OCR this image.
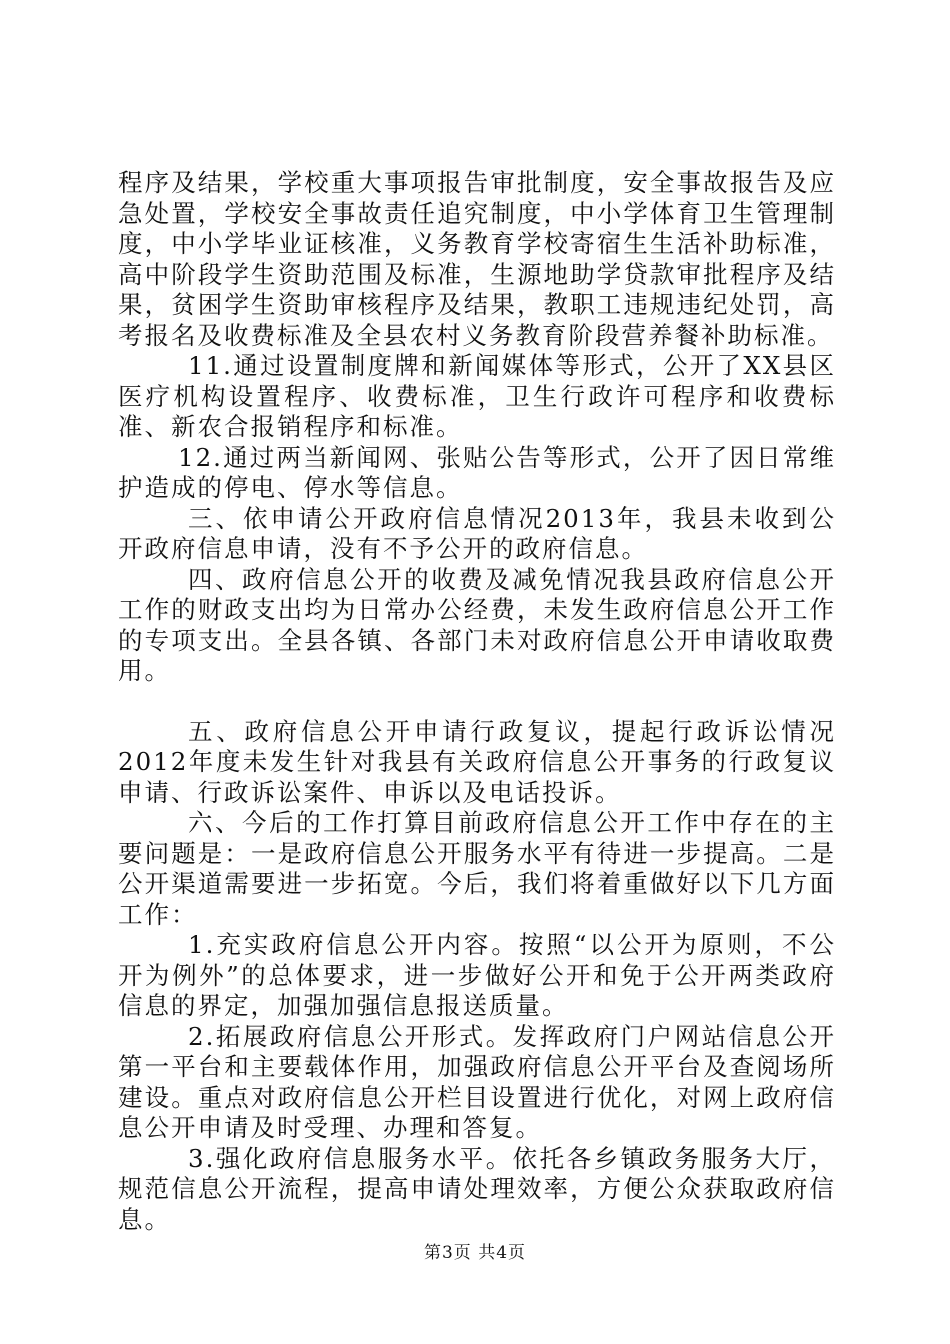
程序及结果，学校重大事项报告审批制度，安全事故报告及应急处置，学校安全事故责任追究制度，中小学体育卫生管理制度，中小学毕业证核准，义务教育学校寄宿生生活补助标准，高中阶段学生资助范围及标准，生源地助学贷款审批程序及结果，贫困学生资助审核程序及结果，教职工违规违纪处罚，高考报名及收费标准及全县农村义务教育阶段营养餐补助标准。

11.通过设置制度牌和新闻媒体等形式，公开了XX县区医疗机构设置程序、收费标准，卫生行政许可程序和收费标准、新农合报销程序和标准。

12.通过两当新闻网、张贴公告等形式，公开了因日常维护造成的停电、停水等信息。

三、依申请公开政府信息情况2013年，我县未收到公开政府信息申请，没有不予公开的政府信息。

四、政府信息公开的收费及减免情况我县政府信息公开工作的财政支出均为日常办公经费，未发生政府信息公开工作的专项支出。全县各镇、各部门未对政府信息公开申请收取费用。

五、政府信息公开申请行政复议，提起行政诉讼情况2012年度未发生针对我县有关政府信息公开事务的行政复议申请、行政诉讼案件、申诉以及电话投诉。

六、今后的工作打算目前政府信息公开工作中存在的主要问题是：一是政府信息公开服务水平有待进一步提高。二是公开渠道需要进一步拓宽。今后，我们将着重做好以下几方面工作：

1.充实政府信息公开内容。按照“以公开为原则，不公开为例外”的总体要求，进一步做好公开和免于公开两类政府信息的界定，加强加强信息报送质量。

2.拓展政府信息公开形式。发挥政府门户网站信息公开第一平台和主要载体作用，加强政府信息公开平台及查阅场所建设。重点对政府信息公开栏目设置进行优化，对网上政府信息公开申请及时受理、办理和答复。

3.强化政府信息服务水平。依托各乡镇政务服务大厅，规范信息公开流程，提高申请处理效率，方便公众获取政府信息。

第3页 共4页
